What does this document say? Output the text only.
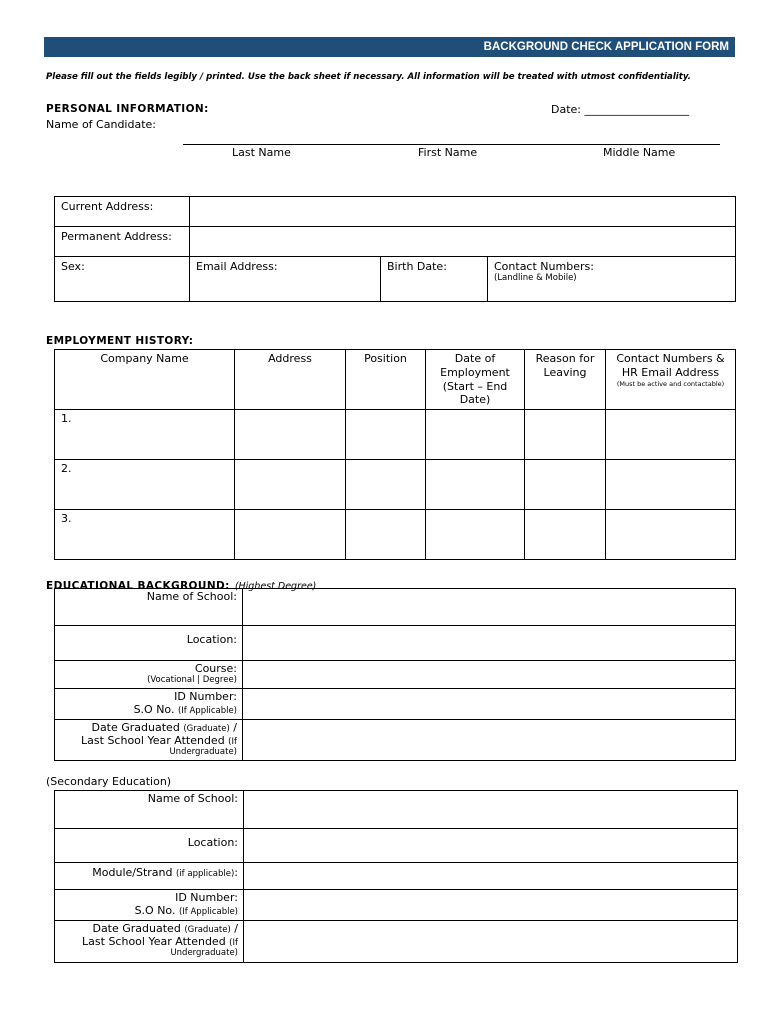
BACKGROUND CHECK APPLICATION FORM
Please fill out the fields legibly / printed. Use the back sheet if necessary. All information will be treated with utmost confidentiality.
PERSONAL INFORMATION:	Date: ___________________
Name of Candidate:
Last Name	First Name	Middle Name
Current Address:			
Permanent Address:			
Sex:	Email Address:	Birth Date:	Contact Numbers:
(Landline & Mobile)
EMPLOYMENT HISTORY:
Company Name	Address	Position	Date of Employment (Start – End Date)	Reason for Leaving	Contact Numbers & HR Email Address
(Must be active and contactable)

1.					
2.					
3.					
EDUCATIONAL BACKGROUND: (Highest Degree)
Name of School:	
Location:	

Course:
(Vocational | Degree)	

ID Number:
S.O No. (If Applicable)	

Date Graduated (Graduate) /
Last School Year Attended (If
Undergraduate)	

(Secondary Education)
Name of School:	
Location:	
Module/Strand (if applicable):	

ID Number:
S.O No. (If Applicable)	

Date Graduated (Graduate) /
Last School Year Attended (If
Undergraduate)	
